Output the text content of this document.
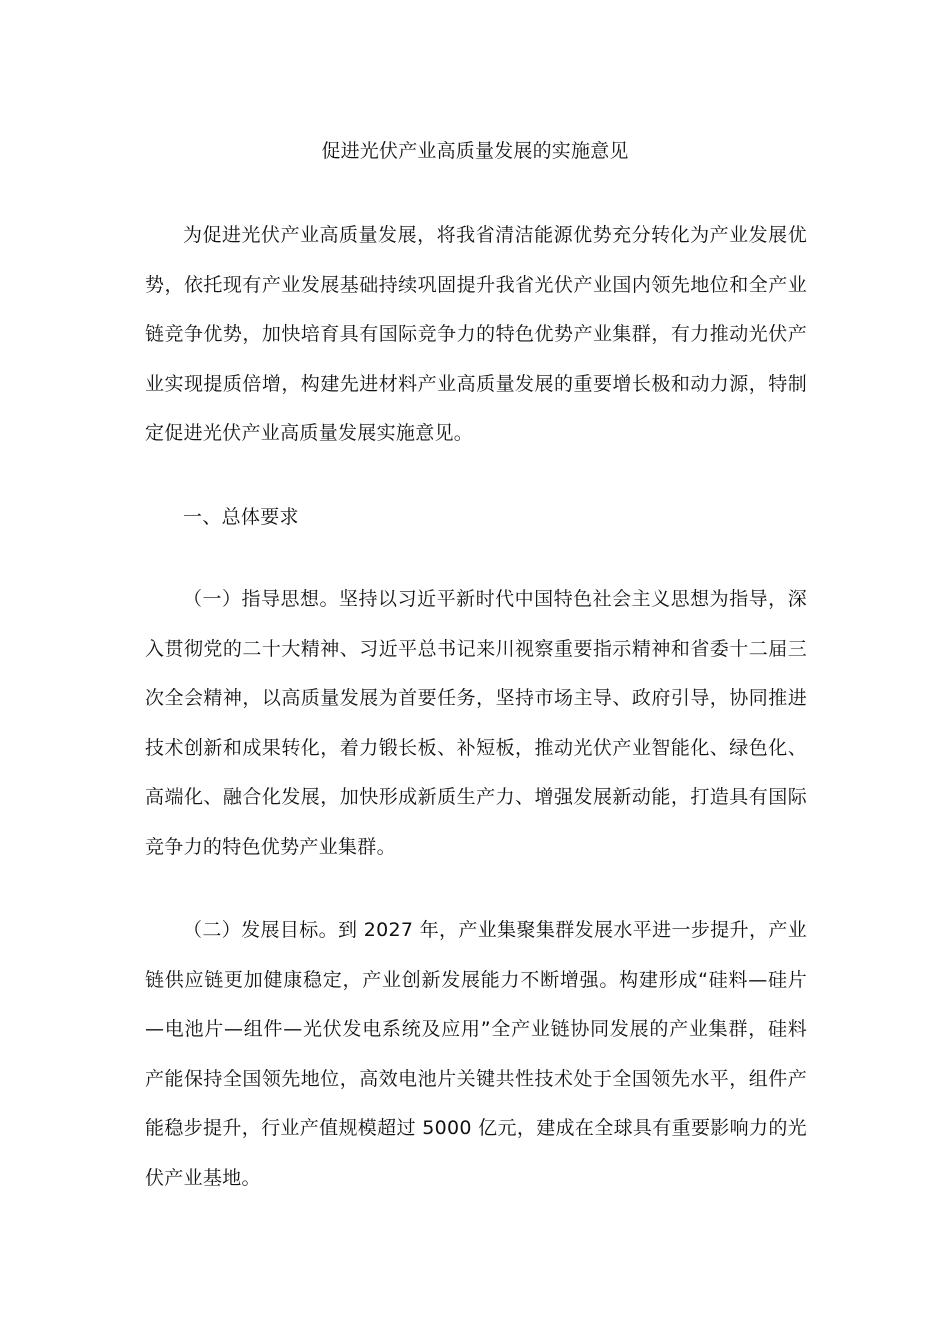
促进光伏产业高质量发展的实施意见

为促进光伏产业高质量发展，将我省清洁能源优势充分转化为产业发展优势，依托现有产业发展基础持续巩固提升我省光伏产业国内领先地位和全产业链竞争优势，加快培育具有国际竞争力的特色优势产业集群，有力推动光伏产业实现提质倍增，构建先进材料产业高质量发展的重要增长极和动力源，特制定促进光伏产业高质量发展实施意见。

一、总体要求

（一）指导思想。坚持以习近平新时代中国特色社会主义思想为指导，深入贯彻党的二十大精神、习近平总书记来川视察重要指示精神和省委十二届三次全会精神，以高质量发展为首要任务，坚持市场主导、政府引导，协同推进技术创新和成果转化，着力锻长板、补短板，推动光伏产业智能化、绿色化、高端化、融合化发展，加快形成新质生产力、增强发展新动能，打造具有国际竞争力的特色优势产业集群。

（二）发展目标。到 2027 年，产业集聚集群发展水平进一步提升，产业链供应链更加健康稳定，产业创新发展能力不断增强。构建形成“硅料—硅片—电池片—组件—光伏发电系统及应用”全产业链协同发展的产业集群，硅料产能保持全国领先地位，高效电池片关键共性技术处于全国领先水平，组件产能稳步提升，行业产值规模超过 5000 亿元，建成在全球具有重要影响力的光伏产业基地。
